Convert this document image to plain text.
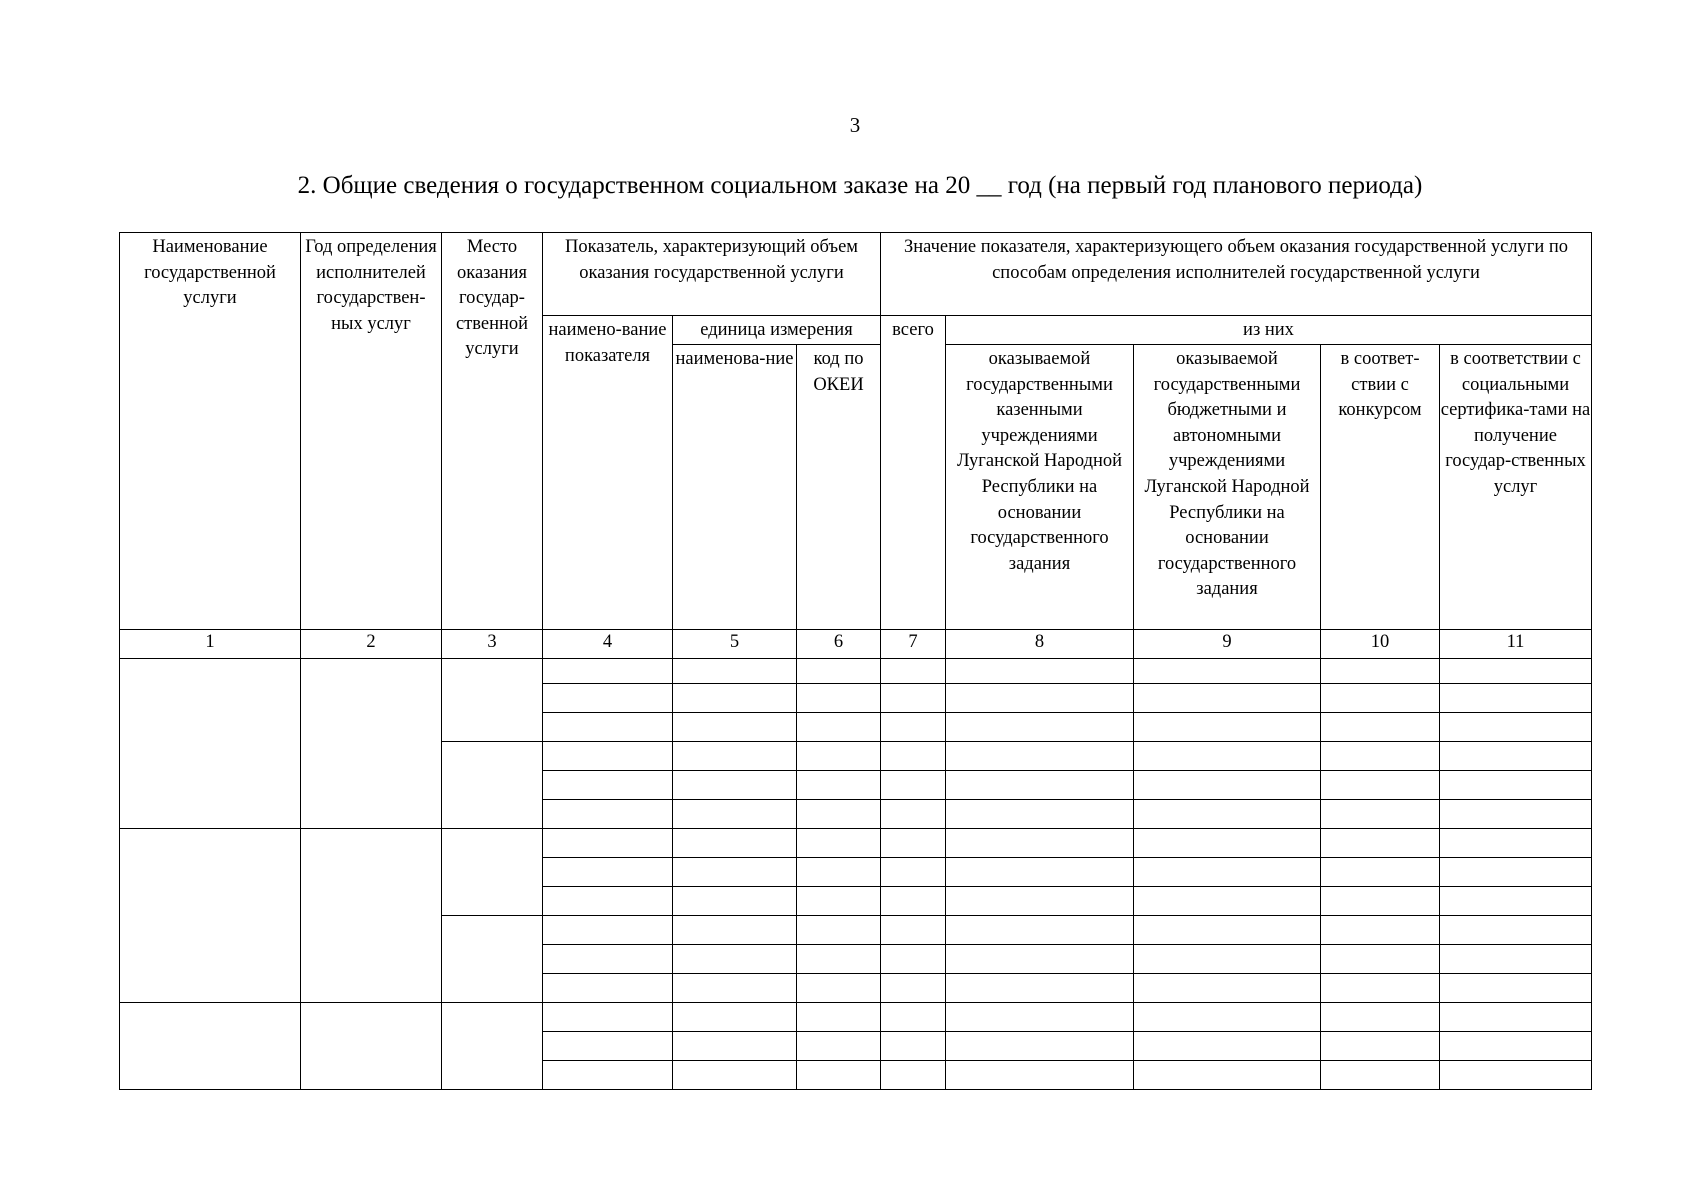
3
2. Общие сведения о государственном социальном заказе на 20 __ год (на первый год планового периода)
Наименование государственной услуги	Год определения исполнителей государствен-ных услуг	Место оказания государ-ственной услуги	Показатель, характеризующий объем оказания государственной услуги			Значение показателя, характеризующего объем оказания государственной услуги по способам определения исполнителей государственной услуги				

			наимено-вание показателя	единица измерения		всего	из них			

				наименова-ние	код по ОКЕИ		оказываемой государственными казенными учреждениями Луганской Народной Республики на основании государственного задания	оказываемой государственными бюджетными и автономными учреждениями Луганской Народной Республики на основании государственного задания	в соответ-ствии с конкурсом	в соответствии с социальными сертифика-тами на получение государ-ственных услуг

1	2	3	4	5	6	7	8	9	10	11
